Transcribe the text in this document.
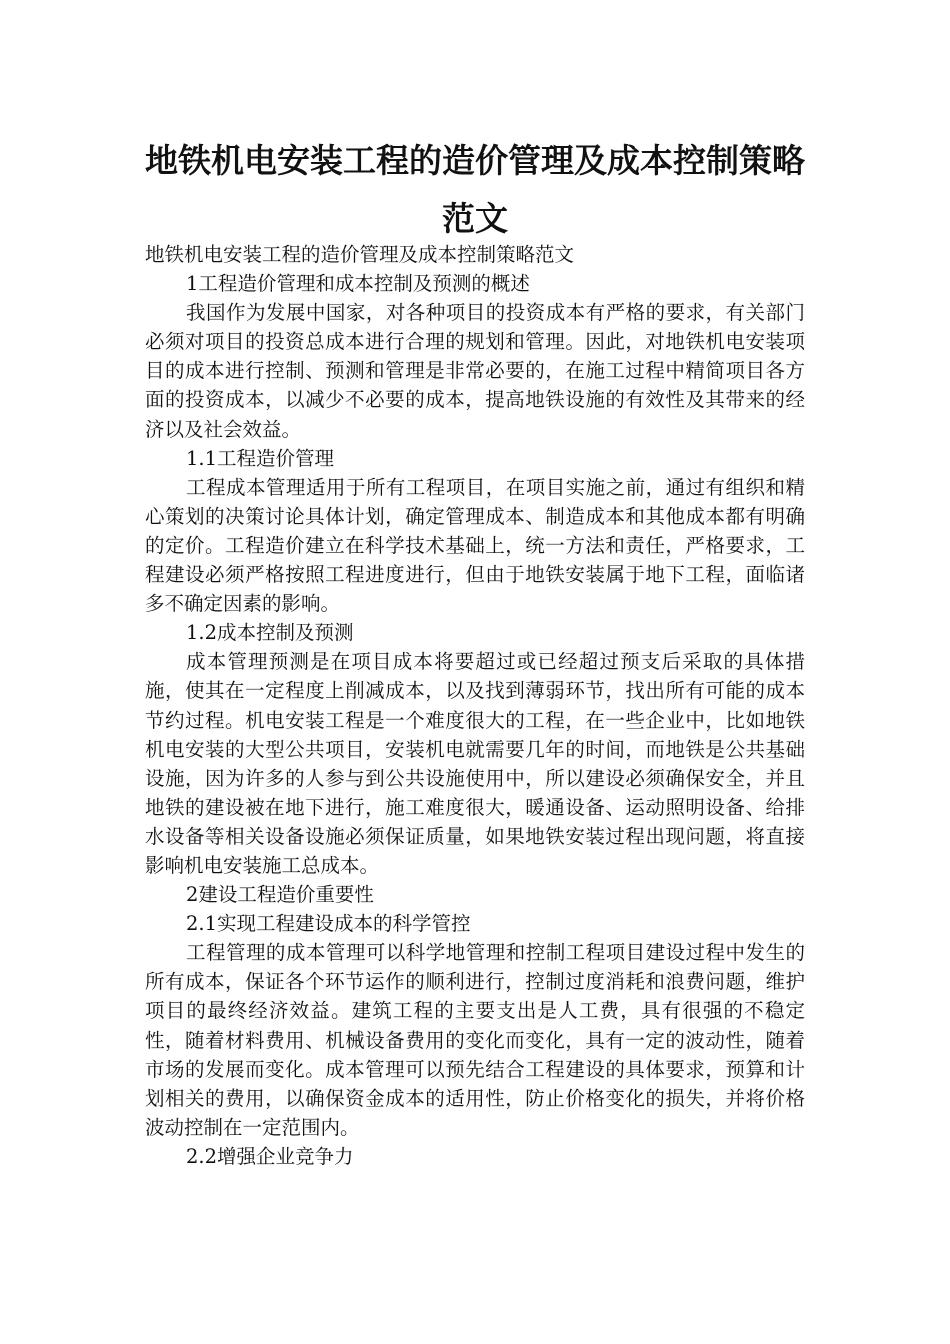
地铁机电安装工程的造价管理及成本控制策略范文

地铁机电安装工程的造价管理及成本控制策略范文

1工程造价管理和成本控制及预测的概述

我国作为发展中国家，对各种项目的投资成本有严格的要求，有关部门必须对项目的投资总成本进行合理的规划和管理。因此，对地铁机电安装项目的成本进行控制、预测和管理是非常必要的，在施工过程中精简项目各方面的投资成本，以减少不必要的成本，提高地铁设施的有效性及其带来的经济以及社会效益。

1.1工程造价管理

工程成本管理适用于所有工程项目，在项目实施之前，通过有组织和精心策划的决策讨论具体计划，确定管理成本、制造成本和其他成本都有明确的定价。工程造价建立在科学技术基础上，统一方法和责任，严格要求，工程建设必须严格按照工程进度进行，但由于地铁安装属于地下工程，面临诸多不确定因素的影响。

1.2成本控制及预测

成本管理预测是在项目成本将要超过或已经超过预支后采取的具体措施，使其在一定程度上削减成本，以及找到薄弱环节，找出所有可能的成本节约过程。机电安装工程是一个难度很大的工程，在一些企业中，比如地铁机电安装的大型公共项目，安装机电就需要几年的时间，而地铁是公共基础设施，因为许多的人参与到公共设施使用中，所以建设必须确保安全，并且地铁的建设被在地下进行，施工难度很大，暖通设备、运动照明设备、给排水设备等相关设备设施必须保证质量，如果地铁安装过程出现问题，将直接影响机电安装施工总成本。

2建设工程造价重要性

2.1实现工程建设成本的科学管控

工程管理的成本管理可以科学地管理和控制工程项目建设过程中发生的所有成本，保证各个环节运作的顺利进行，控制过度消耗和浪费问题，维护项目的最终经济效益。建筑工程的主要支出是人工费，具有很强的不稳定性，随着材料费用、机械设备费用的变化而变化，具有一定的波动性，随着市场的发展而变化。成本管理可以预先结合工程建设的具体要求，预算和计划相关的费用，以确保资金成本的适用性，防止价格变化的损失，并将价格波动控制在一定范围内。

2.2增强企业竞争力
